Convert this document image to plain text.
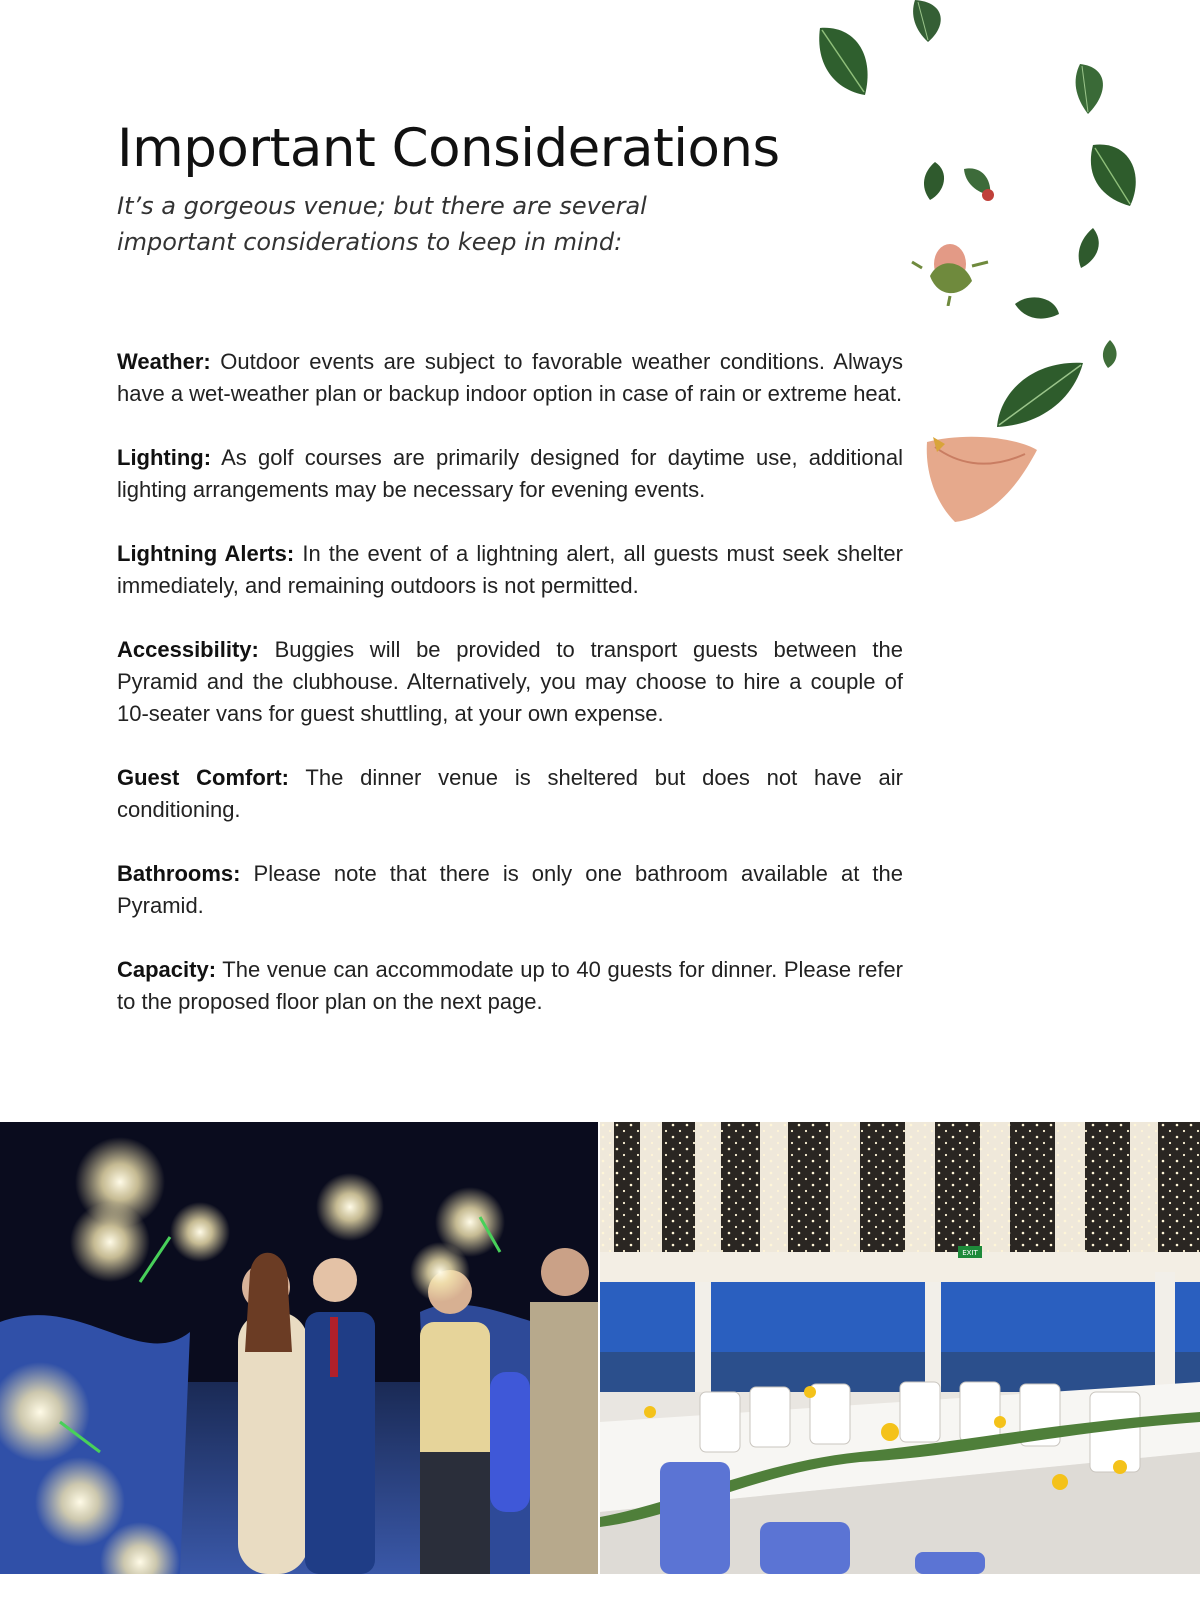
Important Considerations

It’s a gorgeous venue; but there are several important considerations to keep in mind:

Weather: Outdoor events are subject to favorable weather conditions. Always have a wet-weather plan or backup indoor option in case of rain or extreme heat.

Lighting: As golf courses are primarily designed for daytime use, additional lighting arrangements may be necessary for evening events.

Lightning Alerts: In the event of a lightning alert, all guests must seek shelter immediately, and remaining outdoors is not permitted.

Accessibility: Buggies will be provided to transport guests between the Pyramid and the clubhouse. Alternatively, you may choose to hire a couple of 10-seater vans for guest shuttling, at your own expense.

Guest Comfort: The dinner venue is sheltered but does not have air conditioning.

Bathrooms: Please note that there is only one bathroom available at the Pyramid.

Capacity: The venue can accommodate up to 40 guests for dinner. Please refer to the proposed floor plan on the next page.

EXIT
